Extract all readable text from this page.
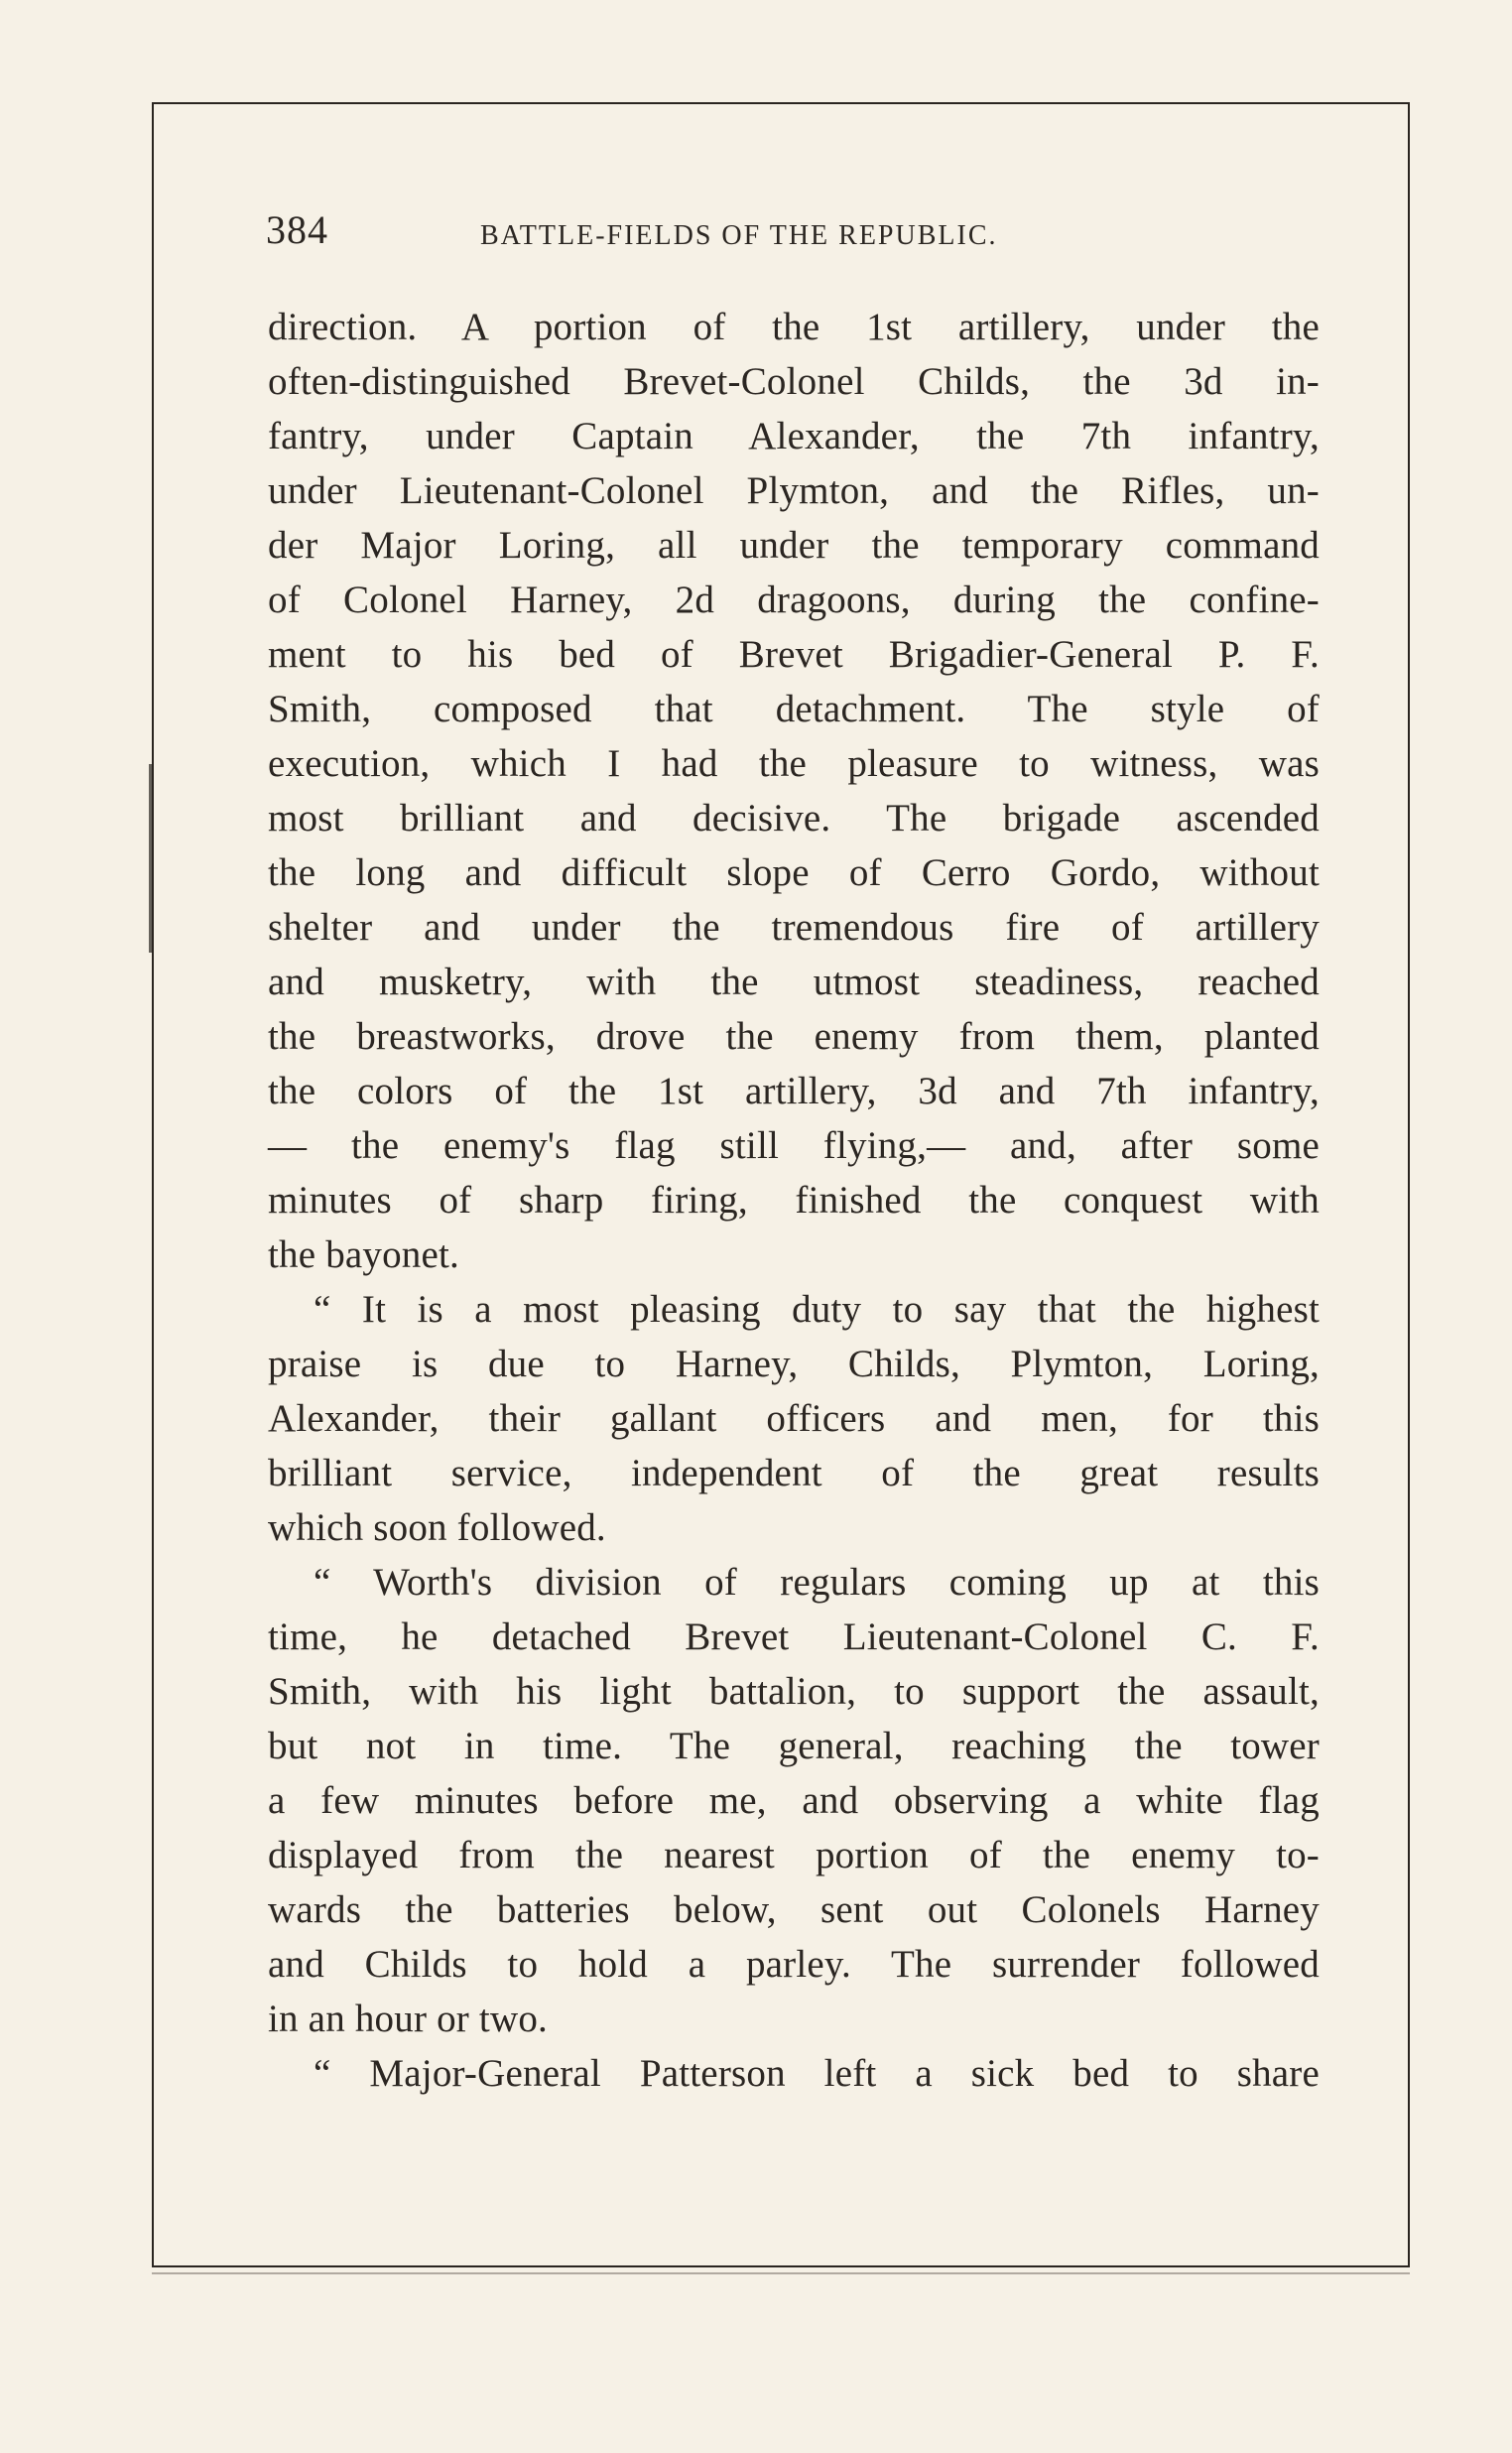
384	BATTLE-FIELDS OF THE REPUBLIC.
direction. A portion of the 1st artillery, under the
often-distinguished Brevet-Colonel Childs, the 3d in-
fantry, under Captain Alexander, the 7th infantry,
under Lieutenant-Colonel Plymton, and the Rifles, un-
der Major Loring, all under the temporary command
of Colonel Harney, 2d dragoons, during the confine-
ment to his bed of Brevet Brigadier-General P. F.
Smith, composed that detachment. The style of
execution, which I had the pleasure to witness, was
most brilliant and decisive. The brigade ascended
the long and difficult slope of Cerro Gordo, without
shelter and under the tremendous fire of artillery
and musketry, with the utmost steadiness, reached
the breastworks, drove the enemy from them, planted
the colors of the 1st artillery, 3d and 7th infantry,
— the enemy's flag still flying,— and, after some
minutes of sharp firing, finished the conquest with
the bayonet.
“ It is a most pleasing duty to say that the highest
praise is due to Harney, Childs, Plymton, Loring,
Alexander, their gallant officers and men, for this
brilliant service, independent of the great results
which soon followed.
“ Worth's division of regulars coming up at this
time, he detached Brevet Lieutenant-Colonel C. F.
Smith, with his light battalion, to support the assault,
but not in time. The general, reaching the tower
a few minutes before me, and observing a white flag
displayed from the nearest portion of the enemy to-
wards the batteries below, sent out Colonels Harney
and Childs to hold a parley. The surrender followed
in an hour or two.
“ Major-General Patterson left a sick bed to share
